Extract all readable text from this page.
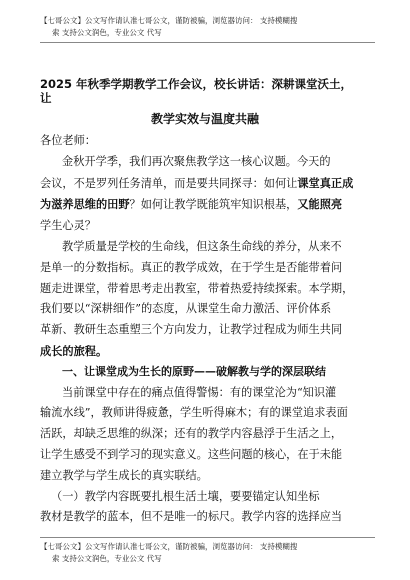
【七哥公文】公文写作请认准七哥公文，谨防被骗，浏览器访问： 支持模糊搜
索 支持公文润色，专业公文 代写
2025 年秋季学期教学工作会议，校长讲话：深耕课堂沃土，
让
教学实效与温度共融

各位老师：

金秋开学季，我们再次聚焦教学这一核心议题。今天的

会议，不是罗列任务清单，而是要共同探寻：如何让课堂真正成

为滋养思维的田野？如何让教学既能筑牢知识根基，又能照亮

学生心灵？

教学质量是学校的生命线，但这条生命线的养分，从来不

是单一的分数指标。真正的教学成效，在于学生是否能带着问

题走进课堂，带着思考走出教室，带着热爱持续探索。本学期，

我们要以“深耕细作”的态度，从课堂生命力激活、评价体系

革新、教研生态重塑三个方向发力，让教学过程成为师生共同

成长的旅程。

一、让课堂成为生长的原野——破解教与学的深层联结

当前课堂中存在的痛点值得警惕：有的课堂沦为“知识灌

输流水线”，教师讲得疲惫，学生听得麻木；有的课堂追求表面

活跃，却缺乏思维的纵深；还有的教学内容悬浮于生活之上，

让学生感受不到学习的现实意义。这些问题的核心，在于未能

建立教学与学生成长的真实联结。

（一）教学内容既要扎根生活土壤，要要锚定认知坐标

教材是教学的蓝本，但不是唯一的标尺。教学内容的选择应当

【七哥公文】公文写作请认准七哥公文，谨防被骗，浏览器访问： 支持模糊搜
索 支持公文润色，专业公文 代写
